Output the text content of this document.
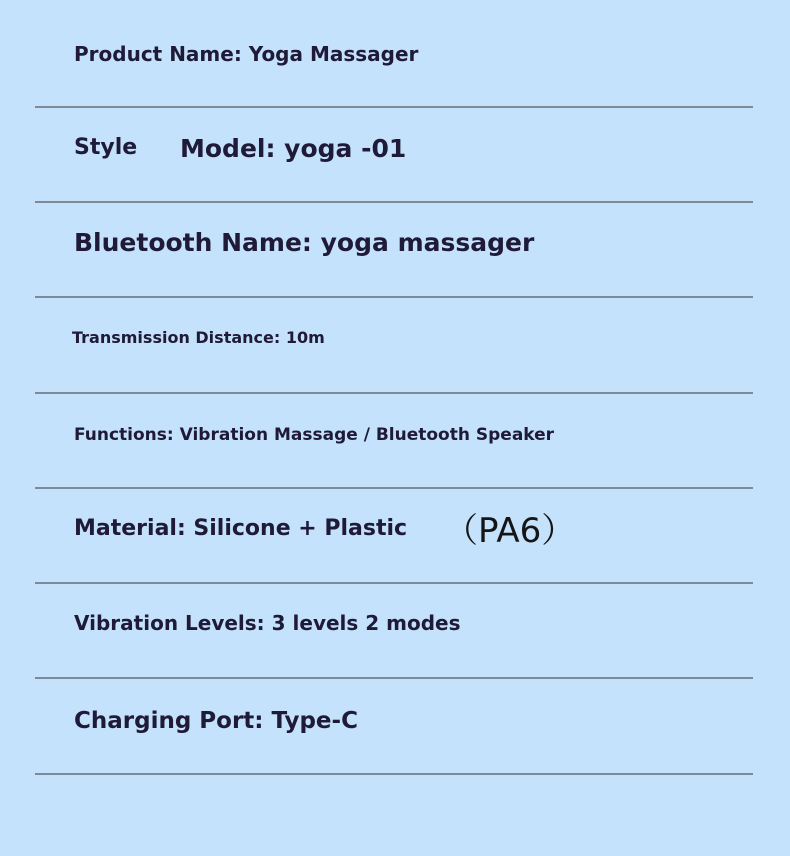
Product Name: Yoga Massager
Style Model: yoga -01
Bluetooth Name: yoga massager
Transmission Distance: 10m
Functions: Vibration Massage / Bluetooth Speaker
Material: Silicone + Plastic （PA6）
Vibration Levels: 3 levels 2 modes
Charging Port: Type-C
